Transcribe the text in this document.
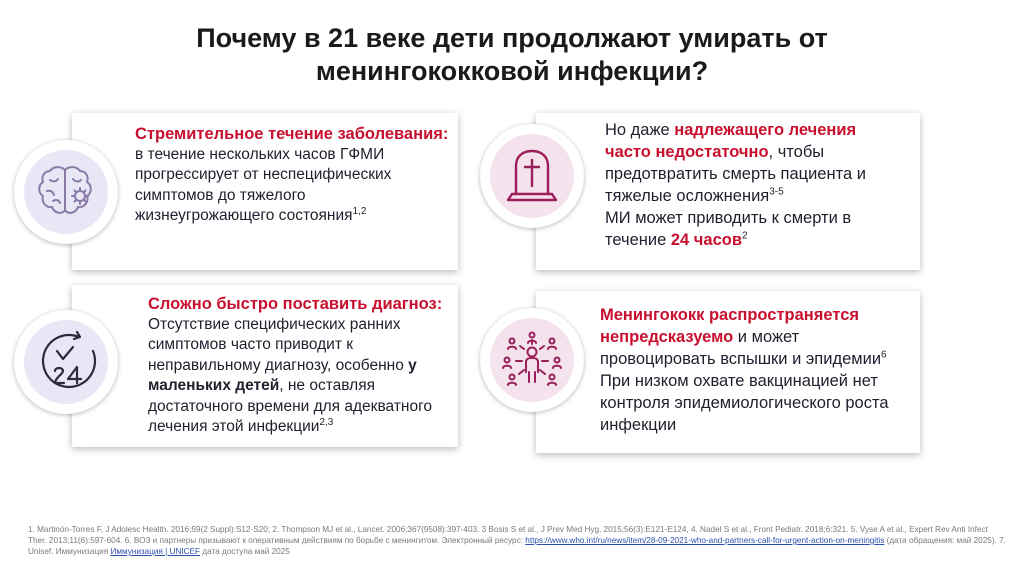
Почему в 21 веке дети продолжают умирать от
менингококковой инфекции?
Стремительное течение заболевания:
в течение нескольких часов ГФМИ
прогрессирует от неспецифических
симптомов до тяжелого
жизнеугрожающего состояния$^{1,2}$
Но даже надлежащего лечения
часто недостаточно, чтобы
предотвратить смерть пациента и
тяжелые осложнения$^{3-5}$
МИ может приводить к смерти в
течение 24 часов$^2$
Сложно быстро поставить диагноз:
Отсутствие специфических ранних
симптомов часто приводит к
неправильному диагнозу, особенно у
маленьких детей, не оставляя
достаточного времени для адекватного
лечения этой инфекции$^{2,3}$
Менингококк распространяется
непредсказуемо и может
провоцировать вспышки и эпидемии$^6$
При низком охвате вакцинацией нет
контроля эпидемиологического роста
инфекции
1. Martinón-Torres F, J Adolesc Health. 2016;59(2 Suppl):S12-S20; 2. Thompson MJ et al., Lancet. 2006;367(9508):397-403. 3 Bosis S et al., J Prev Med Hyg. 2015;56(3):E121-E124, 4. Nadel S et al., Front Pediatr. 2018;6:321. 5. Vyse A et al., Expert Rev Anti Infect Ther. 2013;11(6):597-604. 6. ВОЗ и партнеры призывают к оперативным действиям по борьбе с менингитом. Электронный ресурс: https://www.who.int/ru/news/item/28-09-2021-who-and-partners-call-for-urgent-action-on-meningitis (дата обращения: май 2025). 7. Unisef. Иммунизация Иммунизация | UNICEF дата доступа май 2025
